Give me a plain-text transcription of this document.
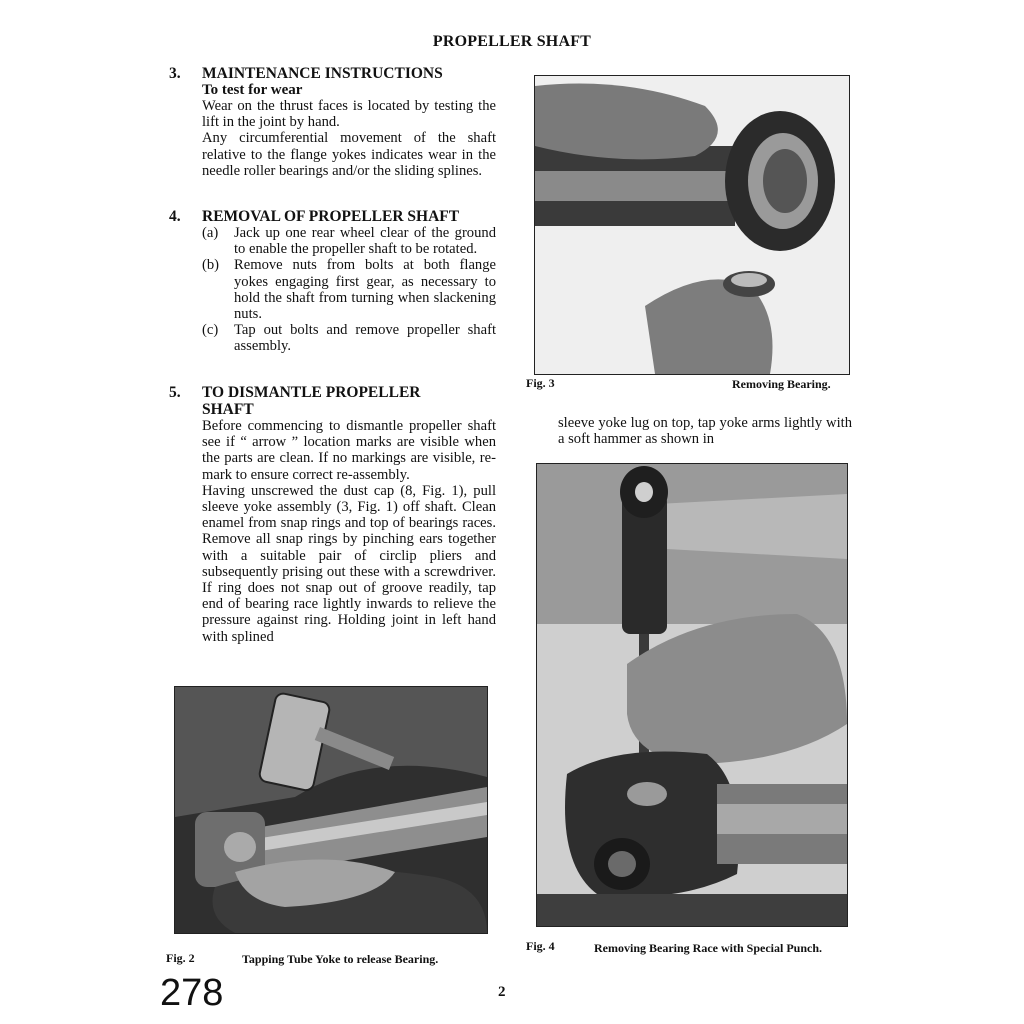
PROPELLER SHAFT
3. MAINTENANCE INSTRUCTIONS
To test for wear

Wear on the thrust faces is located by testing the lift in the joint by hand.

Any circumferential movement of the shaft relative to the flange yokes indicates wear in the needle roller bearings and/or the sliding splines.

4. REMOVAL OF PROPELLER SHAFT
(a) Jack up one rear wheel clear of the ground to enable the propeller shaft to be rotated.

(b) Remove nuts from bolts at both flange yokes engaging first gear, as necessary to hold the shaft from turning when slackening nuts.

(c) Tap out bolts and remove propeller shaft assembly.

5. TO DISMANTLE PROPELLER
SHAFT

Before commencing to dismantle propeller shaft see if “ arrow ” location marks are visible when the parts are clean. If no markings are visible, re-mark to ensure correct re-assembly.

Having unscrewed the dust cap (8, Fig. 1), pull sleeve yoke assembly (3, Fig. 1) off shaft. Clean enamel from snap rings and top of bearings races. Remove all snap rings by pinching ears together with a suitable pair of circlip pliers and subsequently prising out these with a screwdriver. If ring does not snap out of groove readily, tap end of bearing race lightly inwards to relieve the pressure against ring. Holding joint in left hand with splined

sleeve yoke lug on top, tap yoke arms lightly with a soft hammer as shown in
Fig. 3	Removing Bearing.
Fig. 4	Removing Bearing Race with Special Punch.
Fig. 2	Tapping Tube Yoke to release Bearing.
278	2
